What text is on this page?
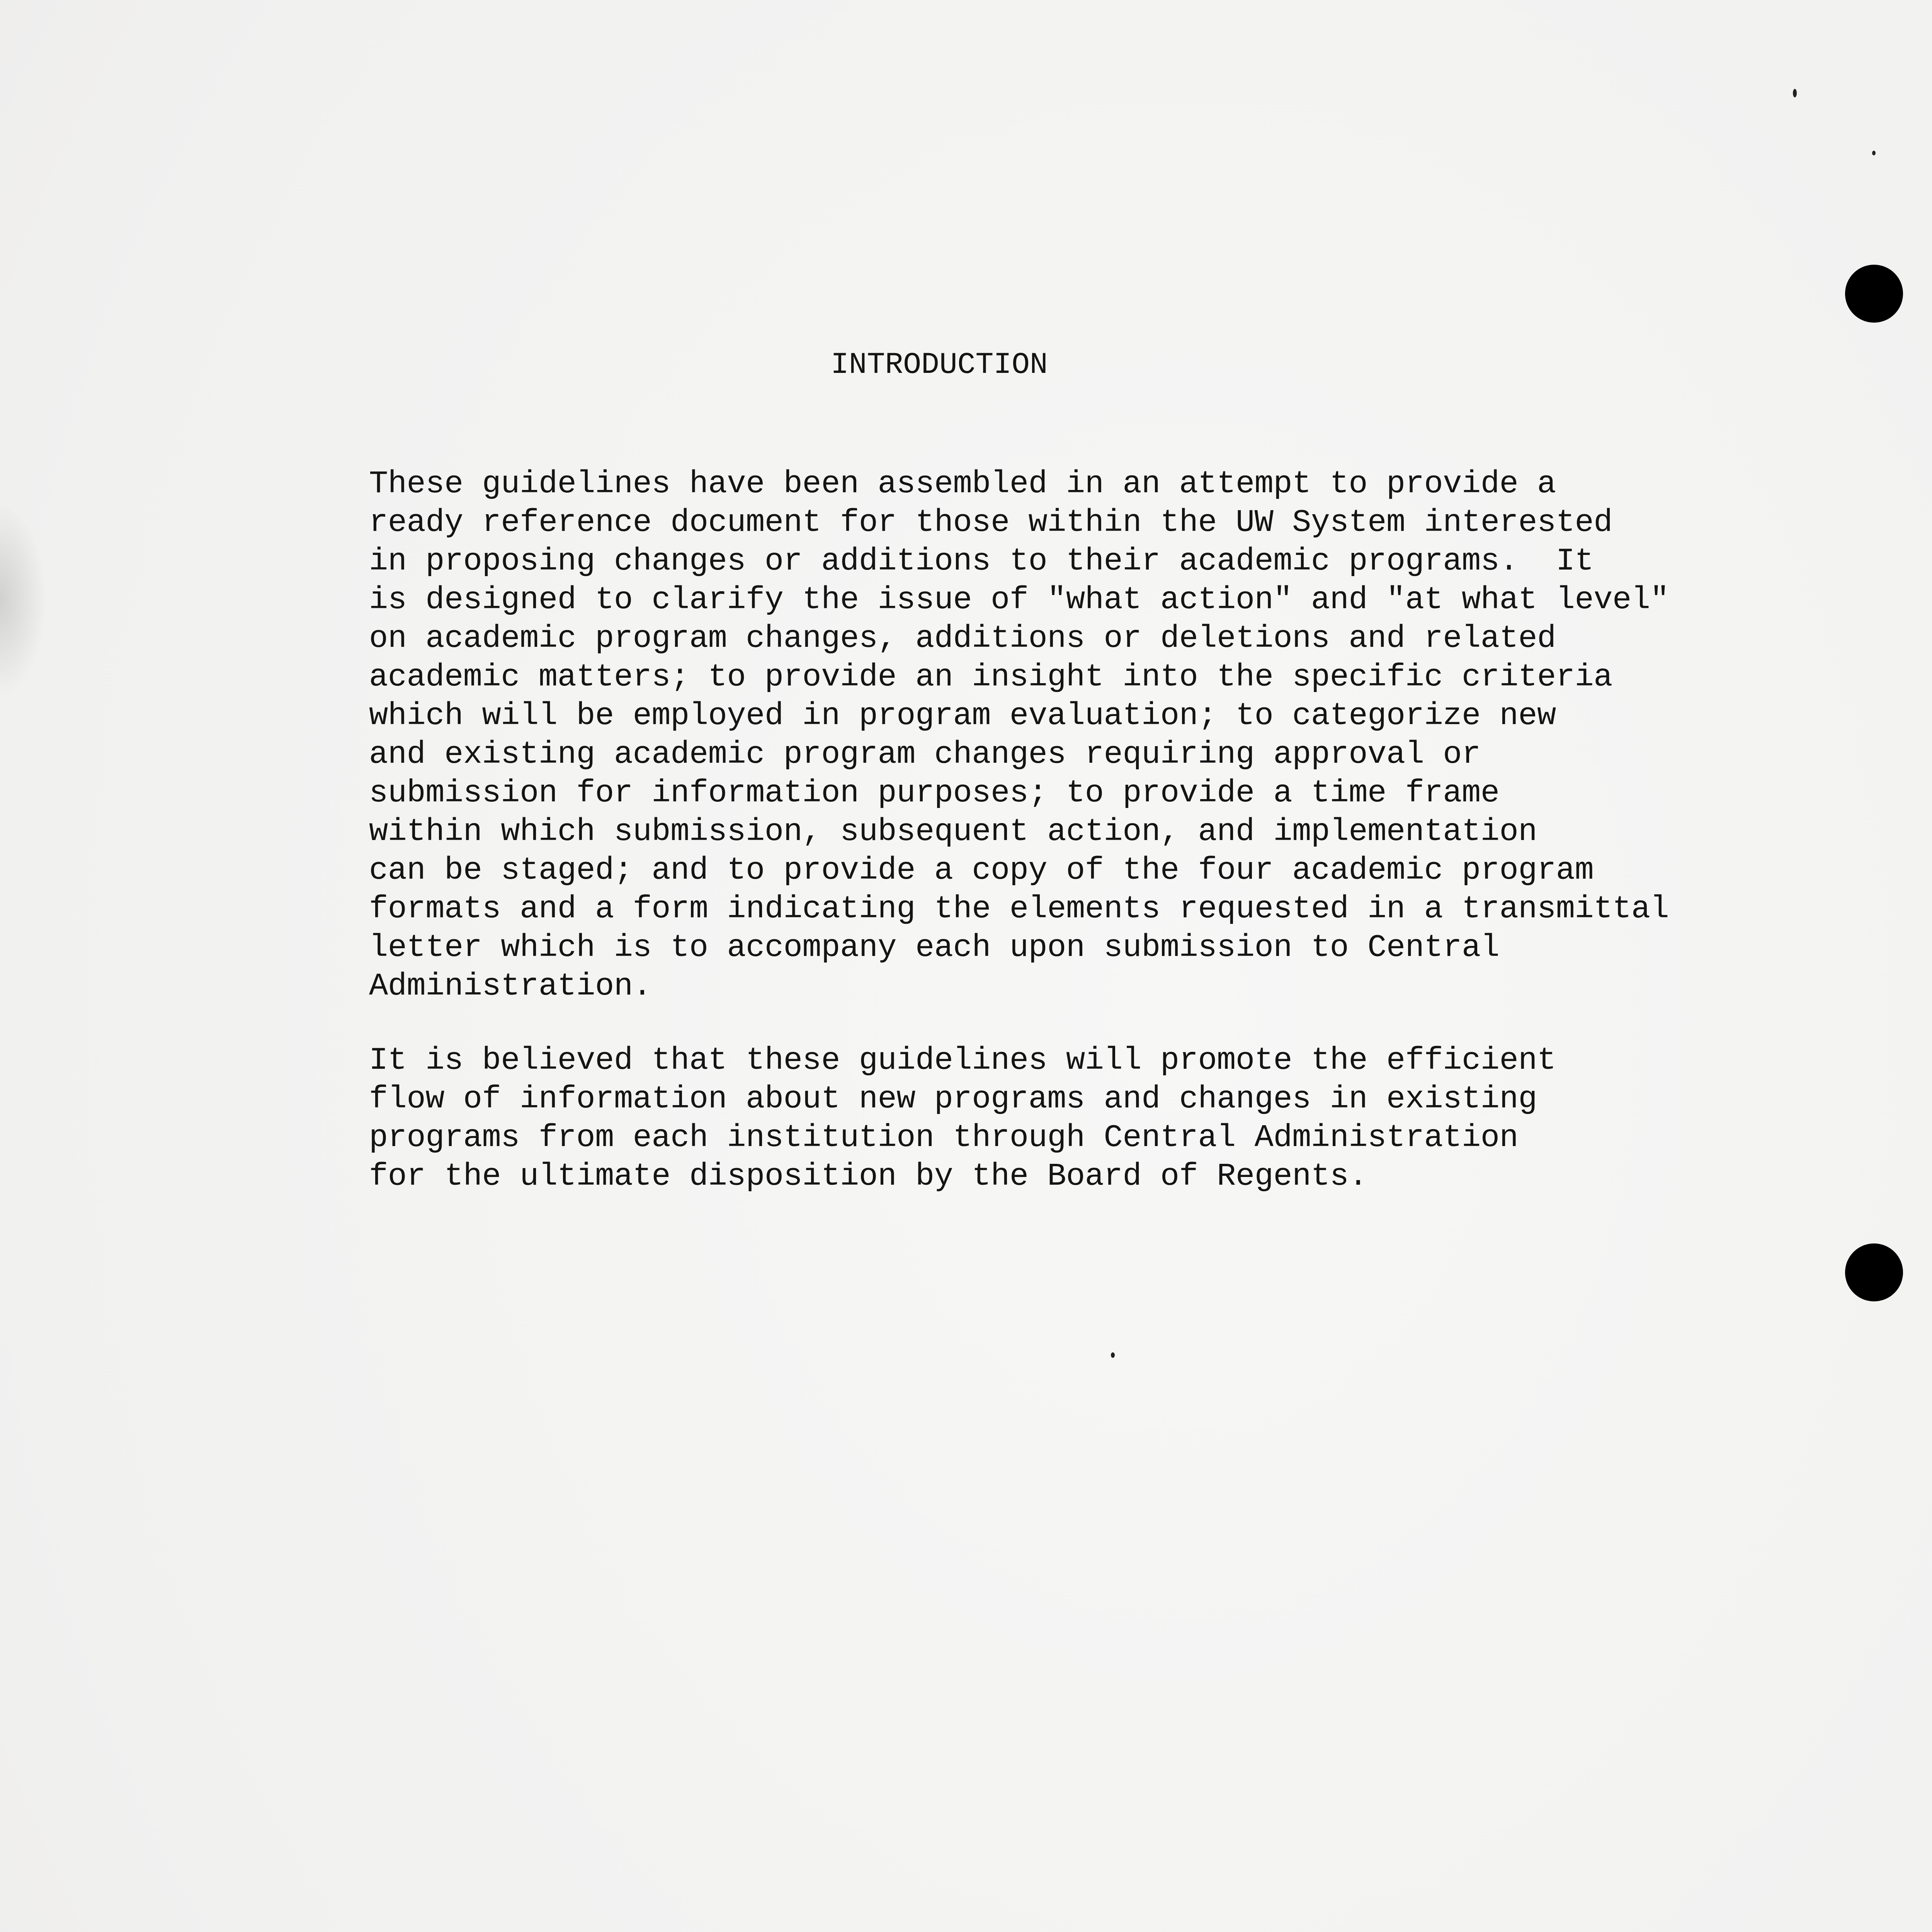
INTRODUCTION

These guidelines have been assembled in an attempt to provide a
ready reference document for those within the UW System interested
in proposing changes or additions to their academic programs.  It
is designed to clarify the issue of "what action" and "at what level"
on academic program changes, additions or deletions and related
academic matters; to provide an insight into the specific criteria
which will be employed in program evaluation; to categorize new
and existing academic program changes requiring approval or
submission for information purposes; to provide a time frame
within which submission, subsequent action, and implementation
can be staged; and to provide a copy of the four academic program
formats and a form indicating the elements requested in a transmittal
letter which is to accompany each upon submission to Central
Administration.

It is believed that these guidelines will promote the efficient
flow of information about new programs and changes in existing
programs from each institution through Central Administration
for the ultimate disposition by the Board of Regents.
